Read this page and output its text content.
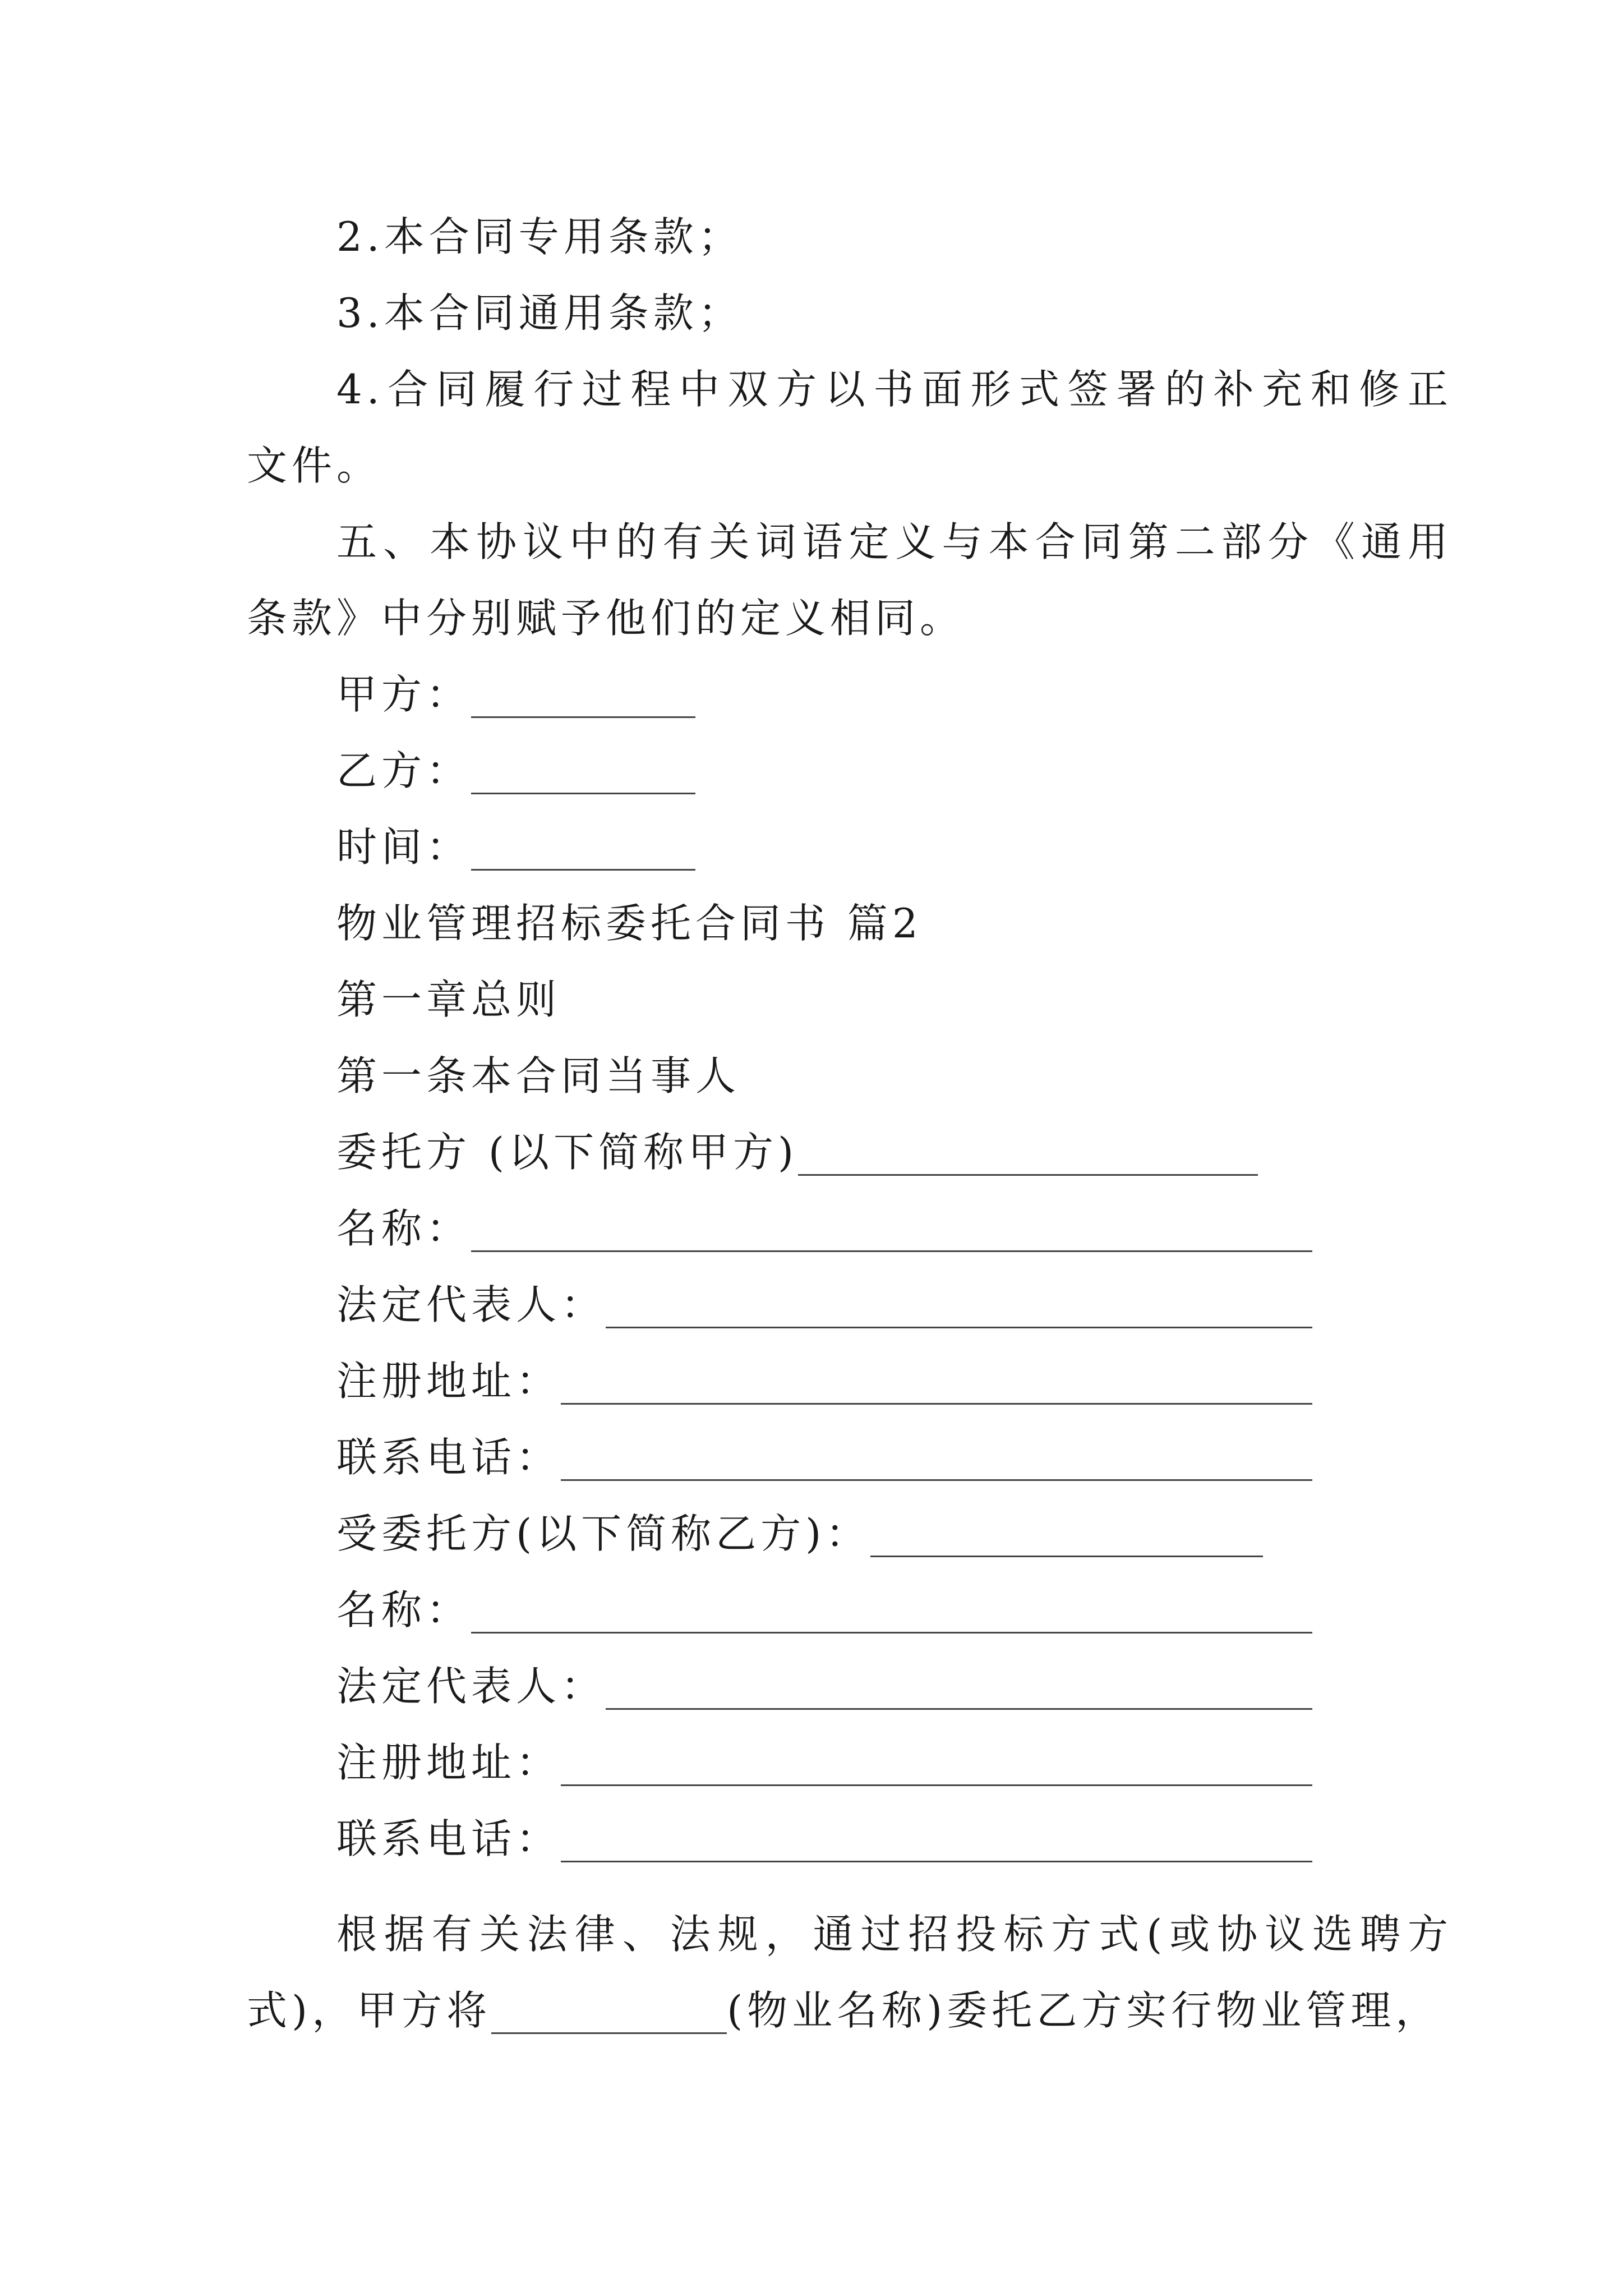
2.本合同专用条款；
3.本合同通用条款；
4.合同履行过程中双方以书面形式签署的补充和修正
文件。
五、本协议中的有关词语定义与本合同第二部分《通用
条款》中分别赋予他们的定义相同。
甲方：
乙方：
时间：
物业管理招标委托合同书 篇2
第一章总则
第一条本合同当事人
委托方 (以下简称甲方)
名称：
法定代表人：
注册地址：
联系电话：
受委托方(以下简称乙方)：
名称：
法定代表人：
注册地址：
联系电话：
根据有关法律、法规，通过招投标方式(或协议选聘方
式)，甲方将	(物业名称)委托乙方实行物业管理，
